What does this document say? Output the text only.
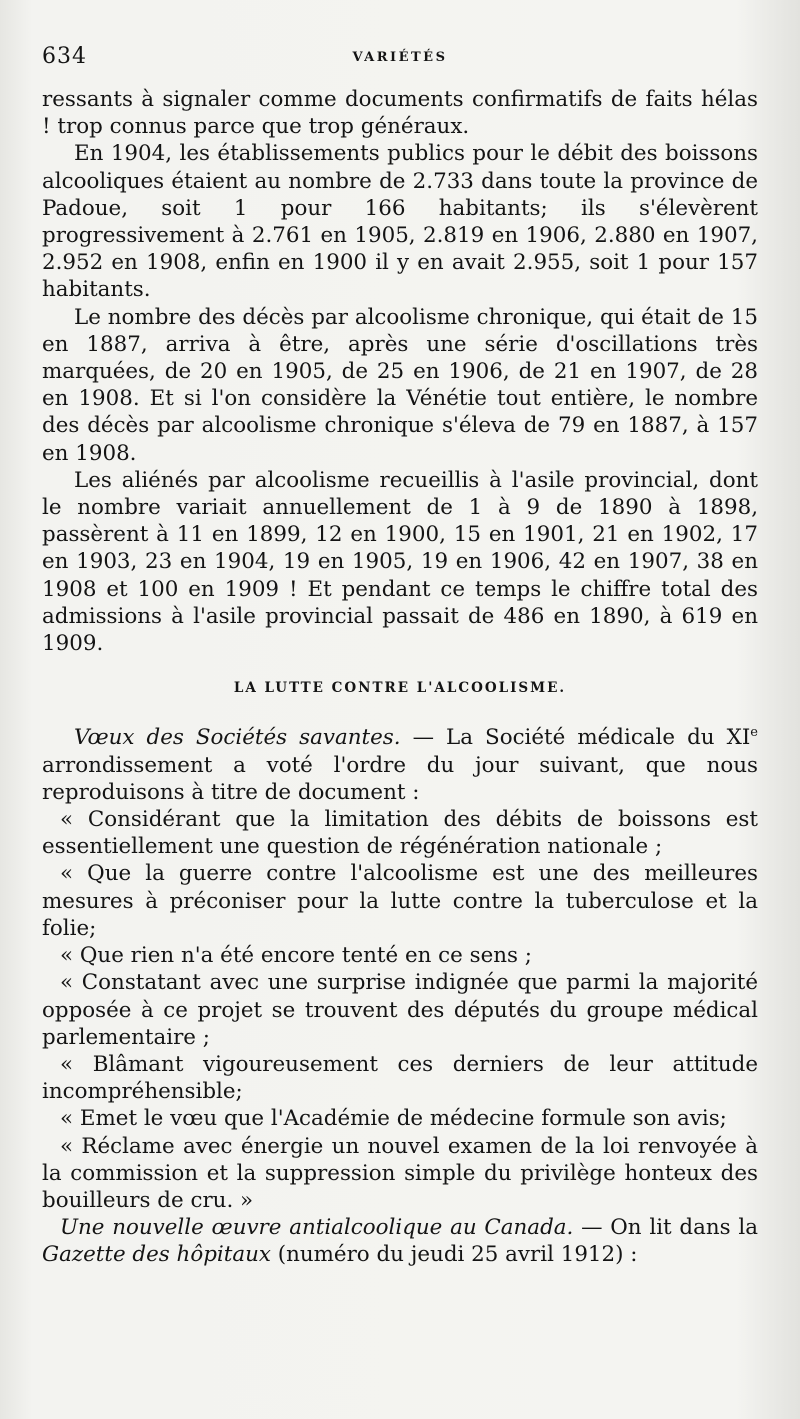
634	VARIÉTÉS

ressants à signaler comme documents confirmatifs de faits hélas ! trop connus parce que trop généraux.

En 1904, les établissements publics pour le débit des boissons alcooliques étaient au nombre de 2.733 dans toute la province de Padoue, soit 1 pour 166 habitants; ils s'élevèrent progressivement à 2.761 en 1905, 2.819 en 1906, 2.880 en 1907, 2.952 en 1908, enfin en 1900 il y en avait 2.955, soit 1 pour 157 habitants.

Le nombre des décès par alcoolisme chronique, qui était de 15 en 1887, arriva à être, après une série d'oscillations très marquées, de 20 en 1905, de 25 en 1906, de 21 en 1907, de 28 en 1908. Et si l'on considère la Vénétie tout entière, le nombre des décès par alcoolisme chronique s'éleva de 79 en 1887, à 157 en 1908.

Les aliénés par alcoolisme recueillis à l'asile provincial, dont le nombre variait annuellement de 1 à 9 de 1890 à 1898, passèrent à 11 en 1899, 12 en 1900, 15 en 1901, 21 en 1902, 17 en 1903, 23 en 1904, 19 en 1905, 19 en 1906, 42 en 1907, 38 en 1908 et 100 en 1909 ! Et pendant ce temps le chiffre total des admissions à l'asile provincial passait de 486 en 1890, à 619 en 1909.

LA LUTTE CONTRE L'ALCOOLISME.

Vœux des Sociétés savantes. — La Société médicale du XIe arrondissement a voté l'ordre du jour suivant, que nous reproduisons à titre de document :

« Considérant que la limitation des débits de boissons est essentiellement une question de régénération nationale ;

« Que la guerre contre l'alcoolisme est une des meilleures mesures à préconiser pour la lutte contre la tuberculose et la folie;

« Que rien n'a été encore tenté en ce sens ;

« Constatant avec une surprise indignée que parmi la majorité opposée à ce projet se trouvent des députés du groupe médical parlementaire ;

« Blâmant vigoureusement ces derniers de leur attitude incompréhensible;

« Emet le vœu que l'Académie de médecine formule son avis;

« Réclame avec énergie un nouvel examen de la loi renvoyée à la commission et la suppression simple du privilège honteux des bouilleurs de cru. »

Une nouvelle œuvre antialcoolique au Canada. — On lit dans la Gazette des hôpitaux (numéro du jeudi 25 avril 1912) :
